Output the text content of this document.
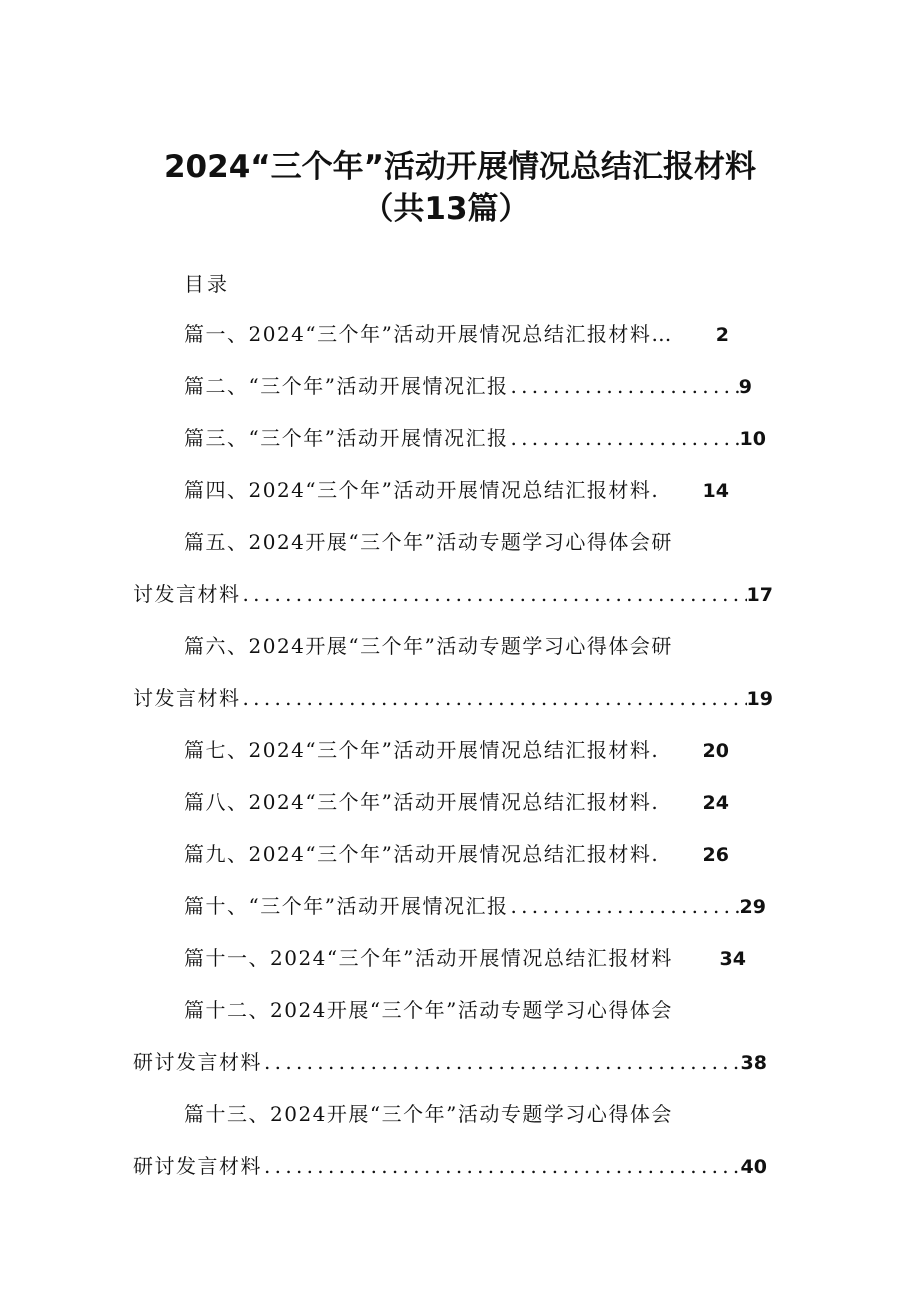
2024“三个年”活动开展情况总结汇报材料
（共13篇）
目录
篇一、2024“三个年”活动开展情况总结汇报材料… 2
篇二、“三个年”活动开展情况汇报 .....	9
篇三、“三个年”活动开展情况汇报 .....	10
篇四、2024“三个年”活动开展情况总结汇报材料. 14
篇五、2024开展“三个年”活动专题学习心得体会研
讨发言材料 .....	17
篇六、2024开展“三个年”活动专题学习心得体会研
讨发言材料 .....	19
篇七、2024“三个年”活动开展情况总结汇报材料. 20
篇八、2024“三个年”活动开展情况总结汇报材料. 24
篇九、2024“三个年”活动开展情况总结汇报材料. 26
篇十、“三个年”活动开展情况汇报 .....	29
篇十一、2024“三个年”活动开展情况总结汇报材料 34
篇十二、2024开展“三个年”活动专题学习心得体会
研讨发言材料 .....	38
篇十三、2024开展“三个年”活动专题学习心得体会
研讨发言材料 .....	40
